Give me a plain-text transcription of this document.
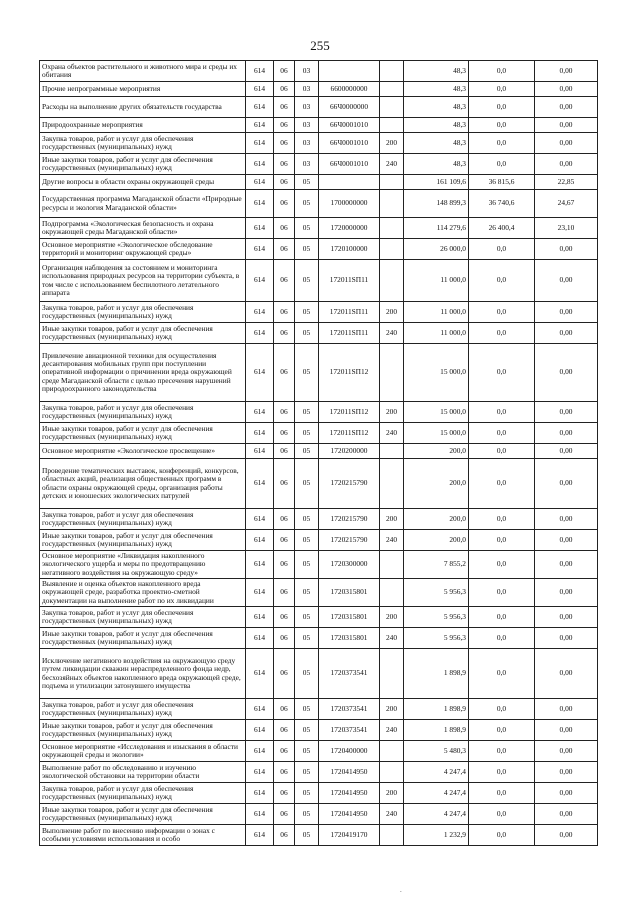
255
Охрана объектов растительного и животного мира и среды их обитания	614	06	03			48,3	0,0	0,00
Прочие непрограммные мероприятия	614	06	03	6600000000		48,3	0,0	0,00
Расходы на выполнение других обязательств государства	614	06	03	66Ч0000000		48,3	0,0	0,00
Природоохранные мероприятия	614	06	03	66Ч0001010		48,3	0,0	0,00
Закупка товаров, работ и услуг для обеспечения государственных (муниципальных) нужд	614	06	03	66Ч0001010	200	48,3	0,0	0,00
Иные закупки товаров, работ и услуг для обеспечения государственных (муниципальных) нужд	614	06	03	66Ч0001010	240	48,3	0,0	0,00
Другие вопросы в области охраны окружающей среды	614	06	05			161 109,6	36 815,6	22,85
Государственная программа Магаданской области «Природные ресурсы и экология Магаданской области»	614	06	05	1700000000		148 899,3	36 740,6	24,67
Подпрограмма «Экологическая безопасность и охрана окружающей среды Магаданской области»	614	06	05	1720000000		114 279,6	26 400,4	23,10
Основное мероприятие «Экологическое обследование территорий и мониторинг окружающей среды»	614	06	05	1720100000		26 000,0	0,0	0,00
Организация наблюдения за состоянием и мониторинга использования природных ресурсов на территории субъекта, в том числе с использованием беспилотного летательного аппарата	614	06	05	172011SП11		11 000,0	0,0	0,00
Закупка товаров, работ и услуг для обеспечения государственных (муниципальных) нужд	614	06	05	172011SП11	200	11 000,0	0,0	0,00
Иные закупки товаров, работ и услуг для обеспечения государственных (муниципальных) нужд	614	06	05	172011SП11	240	11 000,0	0,0	0,00
Привлечение авиационной техники для осуществления десантирования мобильных групп при поступлении оперативной информации о причинении вреда окружающей среде Магаданской области с целью пресечения нарушений природоохранного законодательства	614	06	05	172011SП12		15 000,0	0,0	0,00
Закупка товаров, работ и услуг для обеспечения государственных (муниципальных) нужд	614	06	05	172011SП12	200	15 000,0	0,0	0,00
Иные закупки товаров, работ и услуг для обеспечения государственных (муниципальных) нужд	614	06	05	172011SП12	240	15 000,0	0,0	0,00
Основное мероприятие «Экологическое просвещение»	614	06	05	1720200000		200,0	0,0	0,00
Проведение тематических выставок, конференций, конкурсов, областных акций, реализация общественных программ в области охраны окружающей среды, организация работы детских и юношеских экологических патрулей	614	06	05	1720215790		200,0	0,0	0,00
Закупка товаров, работ и услуг для обеспечения государственных (муниципальных) нужд	614	06	05	1720215790	200	200,0	0,0	0,00
Иные закупки товаров, работ и услуг для обеспечения государственных (муниципальных) нужд	614	06	05	1720215790	240	200,0	0,0	0,00
Основное мероприятие «Ликвидация накопленного экологического ущерба и меры по предотвращению негативного воздействия на окружающую среду»	614	06	05	1720300000		7 855,2	0,0	0,00
Выявление и оценка объектов накопленного вреда окружающей среде, разработка проектно-сметной документации на выполнение работ по их ликвидации	614	06	05	1720315801		5 956,3	0,0	0,00
Закупка товаров, работ и услуг для обеспечения государственных (муниципальных) нужд	614	06	05	1720315801	200	5 956,3	0,0	0,00
Иные закупки товаров, работ и услуг для обеспечения государственных (муниципальных) нужд	614	06	05	1720315801	240	5 956,3	0,0	0,00
Исключение негативного воздействия на окружающую среду путем ликвидации скважин нераспределенного фонда недр, бесхозяйных объектов накопленного вреда окружающей среде, подъема и утилизации затонувшего имущества	614	06	05	1720373541		1 898,9	0,0	0,00
Закупка товаров, работ и услуг для обеспечения государственных (муниципальных) нужд	614	06	05	1720373541	200	1 898,9	0,0	0,00
Иные закупки товаров, работ и услуг для обеспечения государственных (муниципальных) нужд	614	06	05	1720373541	240	1 898,9	0,0	0,00
Основное мероприятие «Исследования и изыскания в области окружающей среды и экологии»	614	06	05	1720400000		5 480,3	0,0	0,00
Выполнение работ по обследованию и изучению экологической обстановки на территории области	614	06	05	1720414950		4 247,4	0,0	0,00
Закупка товаров, работ и услуг для обеспечения государственных (муниципальных) нужд	614	06	05	1720414950	200	4 247,4	0,0	0,00
Иные закупки товаров, работ и услуг для обеспечения государственных (муниципальных) нужд	614	06	05	1720414950	240	4 247,4	0,0	0,00
Выполнение работ по внесению информации о зонах с особыми условиями использования и особо	614	06	05	1720419170		1 232,9	0,0	0,00
.
